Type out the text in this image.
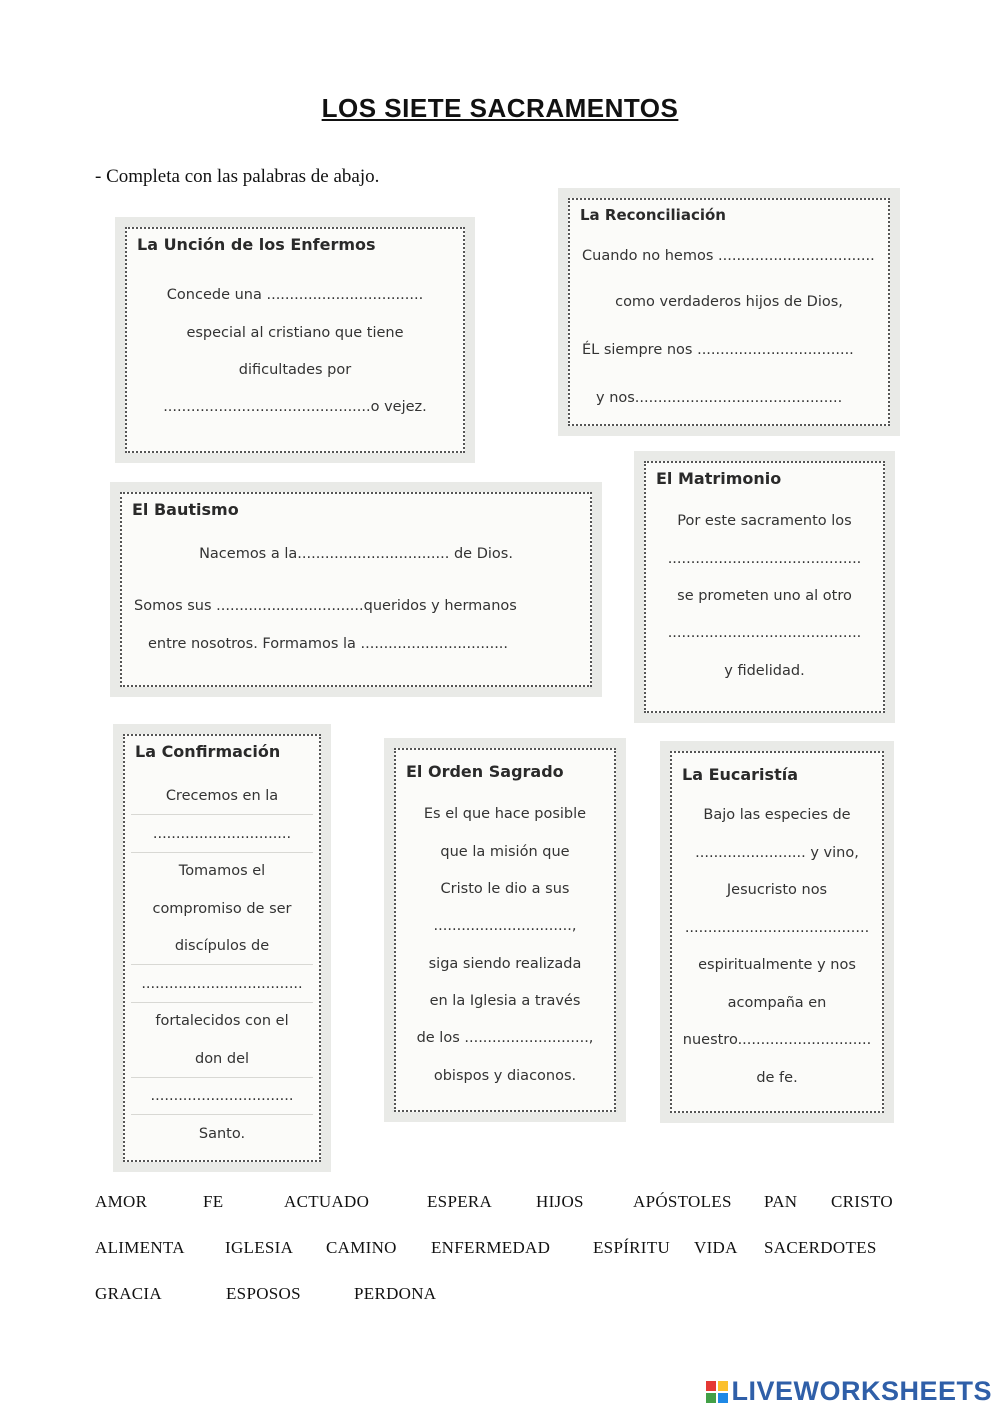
LOS SIETE SACRAMENTOS
- Completa con las palabras de abajo.
La Unción de los Enfermos
Concede una ..................................
especial al cristiano que tiene
dificultades por
.............................................o vejez.
La Reconciliación
Cuando no hemos ..................................
como verdaderos hijos de Dios,
ÉL siempre nos ..................................
y nos.............................................
El Bautismo
Nacemos a la................................. de Dios.
Somos sus ................................queridos y hermanos
entre nosotros. Formamos la ................................
El Matrimonio
Por este sacramento los
..........................................
se prometen uno al otro
..........................................
y fidelidad.
La Confirmación
Crecemos en la
..............................
Tomamos el
compromiso de ser
discípulos de
...................................
fortalecidos con el
don del
...............................
Santo.
El Orden Sagrado
Es el que hace posible
que la misión que
Cristo le dio a sus
..............................,
siga siendo realizada
en la Iglesia a través
de los ...........................,
obispos y diaconos.
La Eucaristía
Bajo las especies de
........................ y vino,
Jesucristo nos
........................................
espiritualmente y nos
acompaña en
nuestro.............................
de fe.
AMOR	FE	ACTUADO	ESPERA	HIJOS	APÓSTOLES PAN CRISTO
ALIMENTA IGLESIA CAMINO ENFERMEDAD	ESPÍRITU VIDA SACERDOTES
GRACIA	ESPOSOS	PERDONA
LIVEWORKSHEETS
